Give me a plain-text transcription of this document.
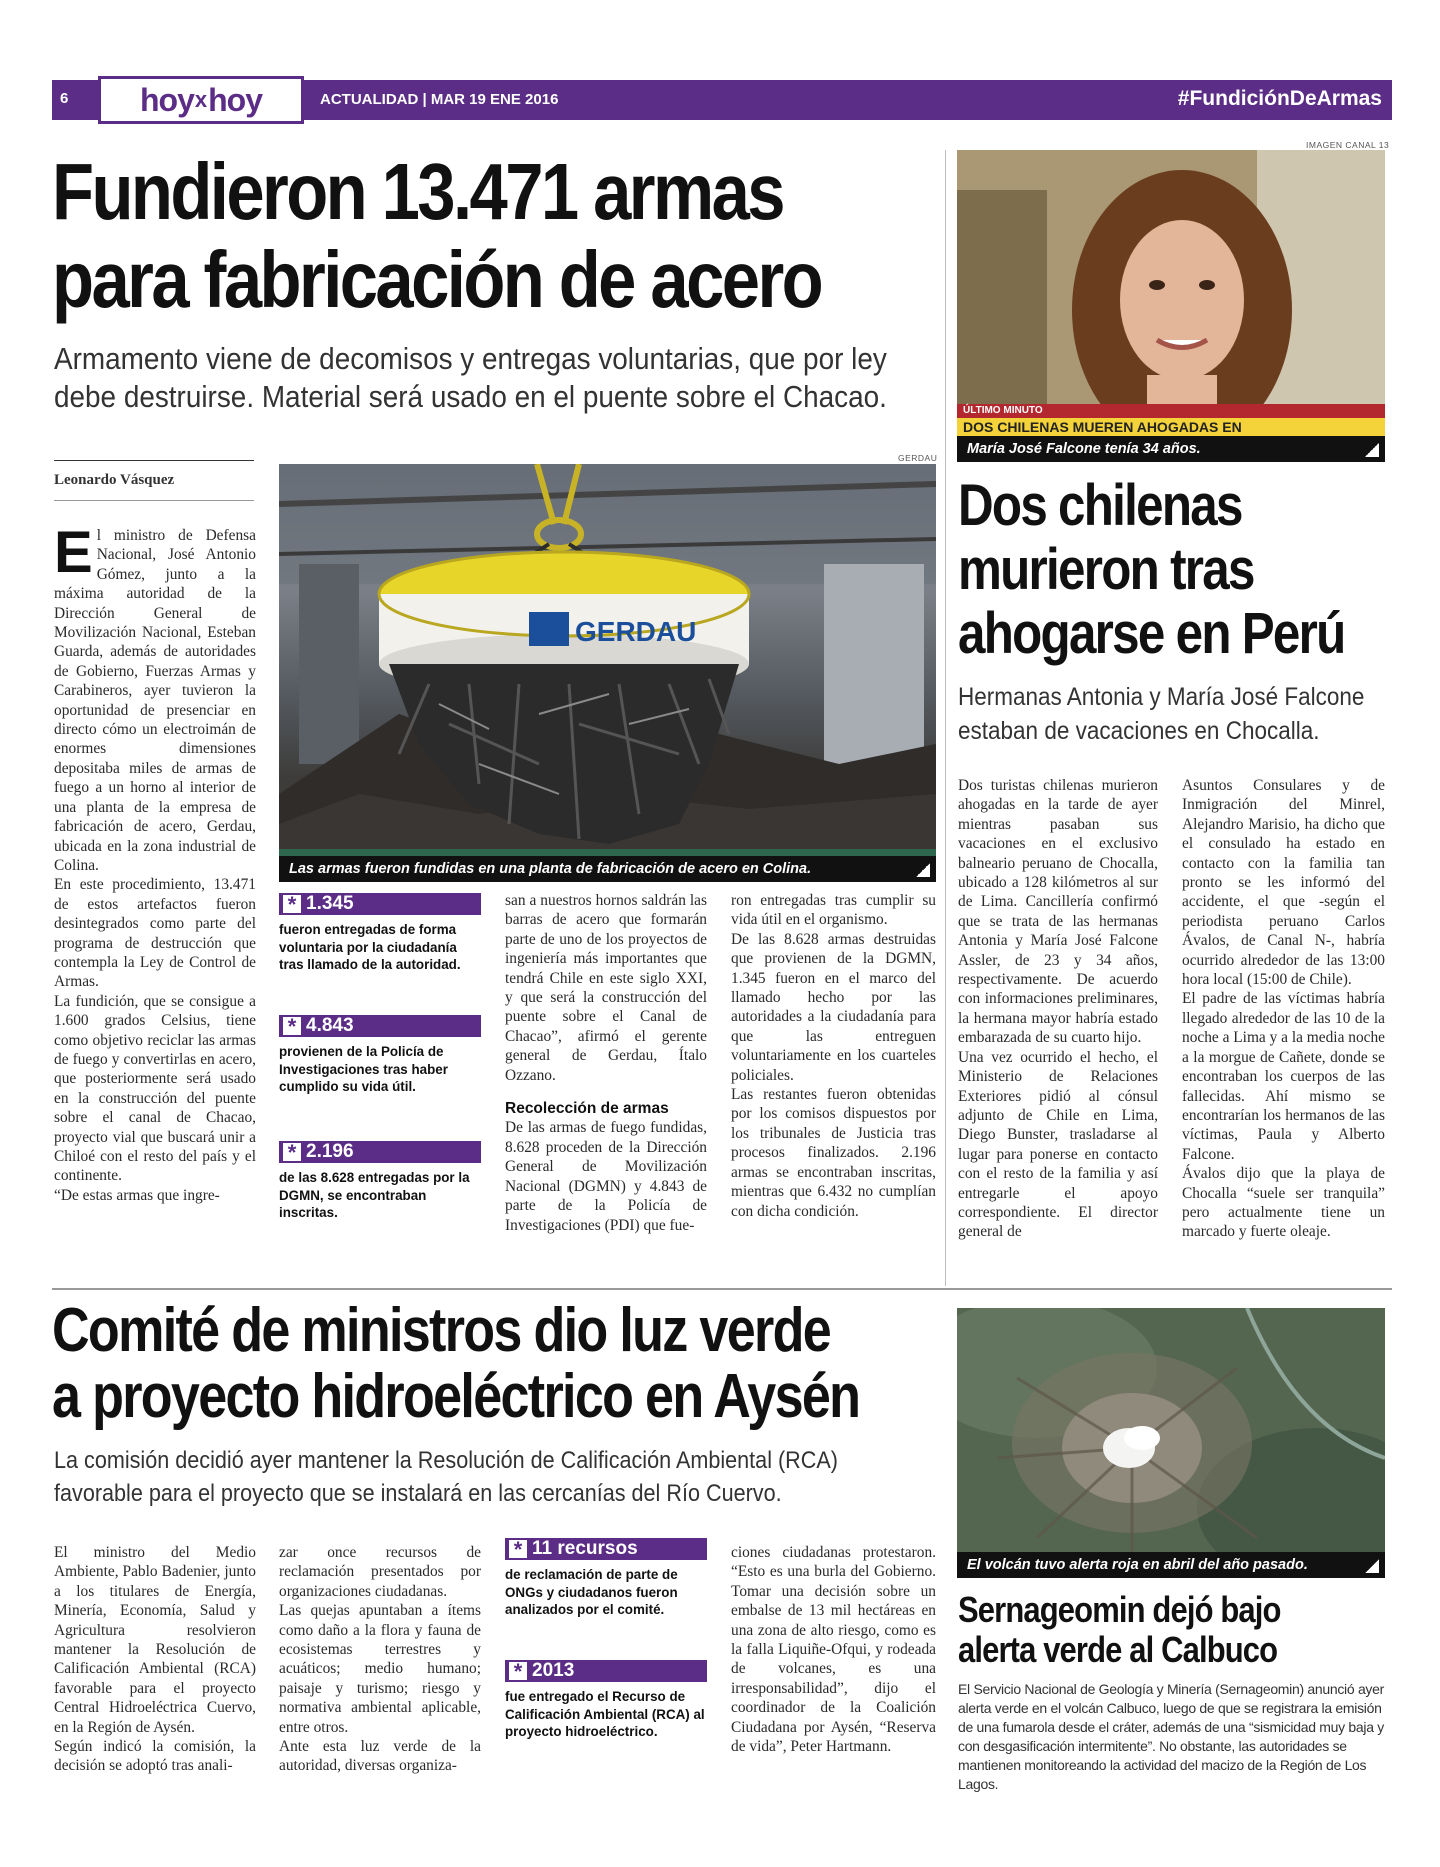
6 hoy x hoy	ACTUALIDAD | MAR 19 ENE 2016	#FundiciónDeArmas
Fundieron 13.471 armas
para fabricación de acero
Armamento viene de decomisos y entregas voluntarias, que por ley
debe destruirse. Material será usado en el puente sobre el Chacao.
Leonardo Vásquez
GERDAU
GERDAU
Las armas fueron fundidas en una planta de fabricación de acero en Colina.
E l ministro de Defensa Nacional, José Antonio Gómez, junto a la máxima autoridad de la Dirección General de Movilización Nacional, Esteban Guarda, además de autoridades de Gobierno, Fuerzas Armas y Carabineros, ayer tuvieron la oportunidad de presenciar en directo cómo un electroimán de enormes dimensiones depositaba miles de armas de fuego a un horno al interior de una planta de la empresa de fabricación de acero, Gerdau, ubicada en la zona industrial de Colina.

En este procedimiento, 13.471 de estos artefactos fueron desintegrados como parte del programa de destrucción que contempla la Ley de Control de Armas.

La fundición, que se consigue a 1.600 grados Celsius, tiene como objetivo reciclar las armas de fuego y convertirlas en acero, que posteriormente será usado en la construcción del puente sobre el canal de Chacao, proyecto vial que buscará unir a Chiloé con el resto del país y el continente.

“De estas armas que ingre-

* 1.345
fueron entregadas de forma voluntaria por la ciudadanía tras llamado de la autoridad.
* 4.843
provienen de la Policía de Investigaciones tras haber cumplido su vida útil.
* 2.196
de las 8.628 entregadas por la DGMN, se encontraban inscritas.

san a nuestros hornos saldrán las barras de acero que formarán parte de uno de los proyectos de ingeniería más importantes que tendrá Chile en este siglo XXI, y que será la construcción del puente sobre el Canal de Chacao”, afirmó el gerente general de Gerdau, Ítalo Ozzano.

Recolección de armas

De las armas de fuego fundidas, 8.628 proceden de la Dirección General de Movilización Nacional (DGMN) y 4.843 de parte de la Policía de Investigaciones (PDI) que fue-

ron entregadas tras cumplir su vida útil en el organismo.

De las 8.628 armas destruidas que provienen de la DGMN, 1.345 fueron en el marco del llamado hecho por las autoridades a la ciudadanía para que las entreguen voluntariamente en los cuarteles policiales.

Las restantes fueron obtenidas por los comisos dispuestos por los tribunales de Justicia tras procesos finalizados. 2.196 armas se encontraban inscritas, mientras que 6.432 no cumplían con dicha condición.

IMAGEN CANAL 13
ÚLTIMO MINUTO
DOS CHILENAS MUEREN AHOGADAS EN
María José Falcone tenía 34 años.
Dos chilenas
murieron tras
ahogarse en Perú
Hermanas Antonia y María José Falcone
estaban de vacaciones en Chocalla.

Dos turistas chilenas murieron ahogadas en la tarde de ayer mientras pasaban sus vacaciones en el exclusivo balneario peruano de Chocalla, ubicado a 128 kilómetros al sur de Lima. Cancillería confirmó que se trata de las hermanas Antonia y María José Falcone Assler, de 23 y 34 años, respectivamente. De acuerdo con informaciones preliminares, la hermana mayor habría estado embarazada de su cuarto hijo.

Una vez ocurrido el hecho, el Ministerio de Relaciones Exteriores pidió al cónsul adjunto de Chile en Lima, Diego Bunster, trasladarse al lugar para ponerse en contacto con el resto de la familia y así entregarle el apoyo correspondiente. El director general de

Asuntos Consulares y de Inmigración del Minrel, Alejandro Marisio, ha dicho que el consulado ha estado en contacto con la familia tan pronto se les informó del accidente, el que -según el periodista peruano Carlos Ávalos, de Canal N-, habría ocurrido alrededor de las 13:00 hora local (15:00 de Chile).

El padre de las víctimas habría llegado alrededor de las 10 de la noche a Lima y a la media noche a la morgue de Cañete, donde se encontraban los cuerpos de las fallecidas. Ahí mismo se encontrarían los hermanos de las víctimas, Paula y Alberto Falcone.

Ávalos dijo que la playa de Chocalla “suele ser tranquila” pero actualmente tiene un marcado y fuerte oleaje.

Comité de ministros dio luz verde
a proyecto hidroeléctrico en Aysén
La comisión decidió ayer mantener la Resolución de Calificación Ambiental (RCA)
favorable para el proyecto que se instalará en las cercanías del Río Cuervo.

El ministro del Medio Ambiente, Pablo Badenier, junto a los titulares de Energía, Minería, Economía, Salud y Agricultura resolvieron mantener la Resolución de Calificación Ambiental (RCA) favorable para el proyecto Central Hidroeléctrica Cuervo, en la Región de Aysén.

Según indicó la comisión, la decisión se adoptó tras anali-

zar once recursos de reclamación presentados por organizaciones ciudadanas.

Las quejas apuntaban a ítems como daño a la flora y fauna de ecosistemas terrestres y acuáticos; medio humano; paisaje y turismo; riesgo y normativa ambiental aplicable, entre otros.

Ante esta luz verde de la autoridad, diversas organiza-

* 11 recursos
de reclamación de parte de ONGs y ciudadanos fueron analizados por el comité.
* 2013
fue entregado el Recurso de Calificación Ambiental (RCA) al proyecto hidroeléctrico.

ciones ciudadanas protestaron. “Esto es una burla del Gobierno. Tomar una decisión sobre un embalse de 13 mil hectáreas en una zona de alto riesgo, como es la falla Liquiñe-Ofqui, y rodeada de volcanes, es una irresponsabilidad”, dijo el coordinador de la Coalición Ciudadana por Aysén, “Reserva de vida”, Peter Hartmann.

El volcán tuvo alerta roja en abril del año pasado.
Sernageomin dejó bajo
alerta verde al Calbuco
El Servicio Nacional de Geología y Minería (Sernageomin) anunció ayer alerta verde en el volcán Calbuco, luego de que se registrara la emisión de una fumarola desde el cráter, además de una “sismicidad muy baja y con desgasificación intermitente”. No obstante, las autoridades se mantienen monitoreando la actividad del macizo de la Región de Los Lagos.
